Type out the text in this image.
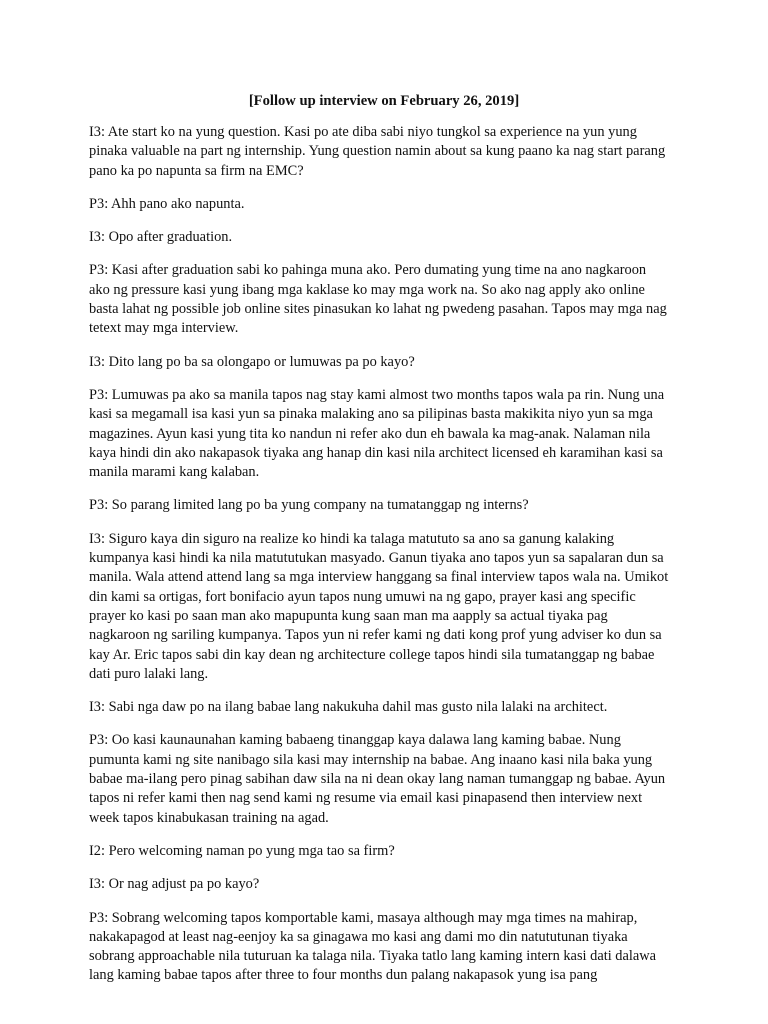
[Follow up interview on February 26, 2019]

I3: Ate start ko na yung question. Kasi po ate diba sabi niyo tungkol sa experience na yun yung pinaka valuable na part ng internship. Yung question namin about sa kung paano ka nag start parang pano ka po napunta sa firm na EMC?

P3: Ahh pano ako napunta.

I3: Opo after graduation.

P3: Kasi after graduation sabi ko pahinga muna ako. Pero dumating yung time na ano nagkaroon ako ng pressure kasi yung ibang mga kaklase ko may mga work na. So ako nag apply ako online basta lahat ng possible job online sites pinasukan ko lahat ng pwedeng pasahan. Tapos may mga nag tetext may mga interview.

I3: Dito lang po ba sa olongapo or lumuwas pa po kayo?

P3: Lumuwas pa ako sa manila tapos nag stay kami almost two months tapos wala pa rin. Nung una kasi sa megamall isa kasi yun sa pinaka malaking ano sa pilipinas basta makikita niyo yun sa mga magazines. Ayun kasi yung tita ko nandun ni refer ako dun eh bawala ka mag-anak. Nalaman nila kaya hindi din ako nakapasok tiyaka ang hanap din kasi nila architect licensed eh karamihan kasi sa manila marami kang kalaban.

P3: So parang limited lang po ba yung company na tumatanggap ng interns?

I3: Siguro kaya din siguro na realize ko hindi ka talaga matututo sa ano sa ganung kalaking kumpanya kasi hindi ka nila matututukan masyado. Ganun tiyaka ano tapos yun sa sapalaran dun sa manila. Wala attend attend lang sa mga interview hanggang sa final interview tapos wala na. Umikot din kami sa ortigas, fort bonifacio ayun tapos nung umuwi na ng gapo, prayer kasi ang specific prayer ko kasi po saan man ako mapupunta kung saan man ma aapply sa actual tiyaka pag nagkaroon ng sariling kumpanya. Tapos yun ni refer kami ng dati kong prof yung adviser ko dun sa kay Ar. Eric tapos sabi din kay dean ng architecture college tapos hindi sila tumatanggap ng babae dati puro lalaki lang.

I3: Sabi nga daw po na ilang babae lang nakukuha dahil mas gusto nila lalaki na architect.

P3: Oo kasi kaunaunahan kaming babaeng tinanggap kaya dalawa lang kaming babae. Nung pumunta kami ng site nanibago sila kasi may internship na babae. Ang inaano kasi nila baka yung babae ma-ilang pero pinag sabihan daw sila na ni dean okay lang naman tumanggap ng babae. Ayun tapos ni refer kami then nag send kami ng resume via email kasi pinapasend then interview next week tapos kinabukasan training na agad.

I2: Pero welcoming naman po yung mga tao sa firm?

I3: Or nag adjust pa po kayo?

P3: Sobrang welcoming tapos komportable kami, masaya although may mga times na mahirap, nakakapagod at least nag-eenjoy ka sa ginagawa mo kasi ang dami mo din natututunan tiyaka sobrang approachable nila tuturuan ka talaga nila. Tiyaka tatlo lang kaming intern kasi dati dalawa lang kaming babae tapos after three to four months dun palang nakapasok yung isa pang
